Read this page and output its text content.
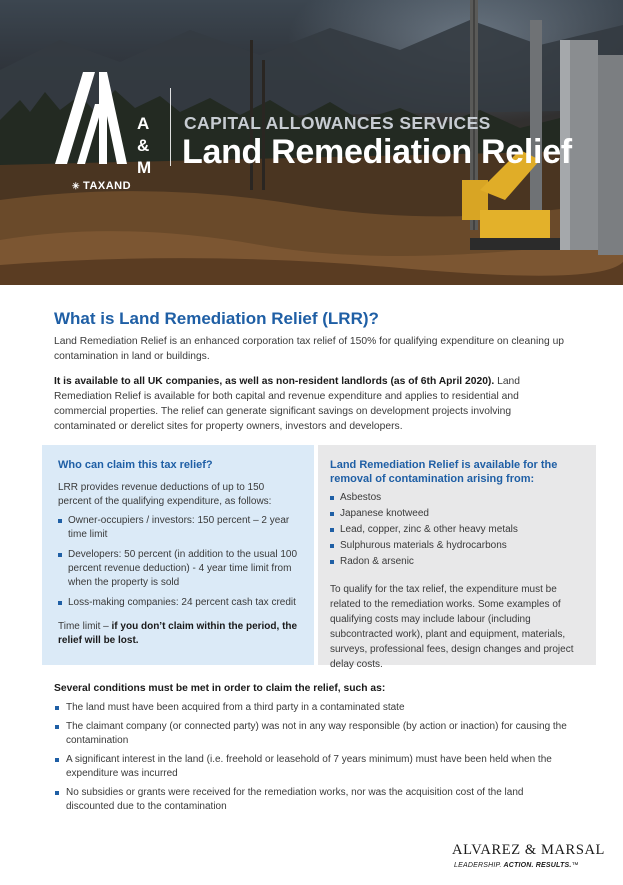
A
&
M
✳ TAXAND
CAPITAL ALLOWANCES SERVICES
Land Remediation Relief
What is Land Remediation Relief (LRR)?

Land Remediation Relief is an enhanced corporation tax relief of 150% for qualifying expenditure on cleaning up contamination in land or buildings.

It is available to all UK companies, as well as non-resident landlords (as of 6th April 2020). Land Remediation Relief is available for both capital and revenue expenditure and applies to residential and commercial properties. The relief can generate significant savings on development projects involving contaminated or derelict sites for property owners, investors and developers.

Who can claim this tax relief?

LRR provides revenue deductions of up to 150 percent of the qualifying expenditure, as follows:

Owner-occupiers / investors: 150 percent – 2 year time limit
Developers: 50 percent (in addition to the usual 100 percent revenue deduction) - 4 year time limit from when the property is sold
Loss-making companies: 24 percent cash tax credit

Time limit – if you don’t claim within the period, the relief will be lost.

Land Remediation Relief is available for the removal of contamination arising from:
Asbestos
Japanese knotweed
Lead, copper, zinc & other heavy metals
Sulphurous materials & hydrocarbons
Radon & arsenic

To qualify for the tax relief, the expenditure must be related to the remediation works. Some examples of qualifying costs may include labour (including subcontracted work), plant and equipment, materials, surveys, professional fees, design changes and project delay costs.

Several conditions must be met in order to claim the relief, such as:
The land must have been acquired from a third party in a contaminated state
The claimant company (or connected party) was not in any way responsible (by action or inaction) for causing the contamination
A significant interest in the land (i.e. freehold or leasehold of 7 years minimum) must have been held when the expenditure was incurred
No subsidies or grants were received for the remediation works, nor was the acquisition cost of the land discounted due to the contamination
ALVAREZ & MARSAL
LEADERSHIP. ACTION. RESULTS.™
